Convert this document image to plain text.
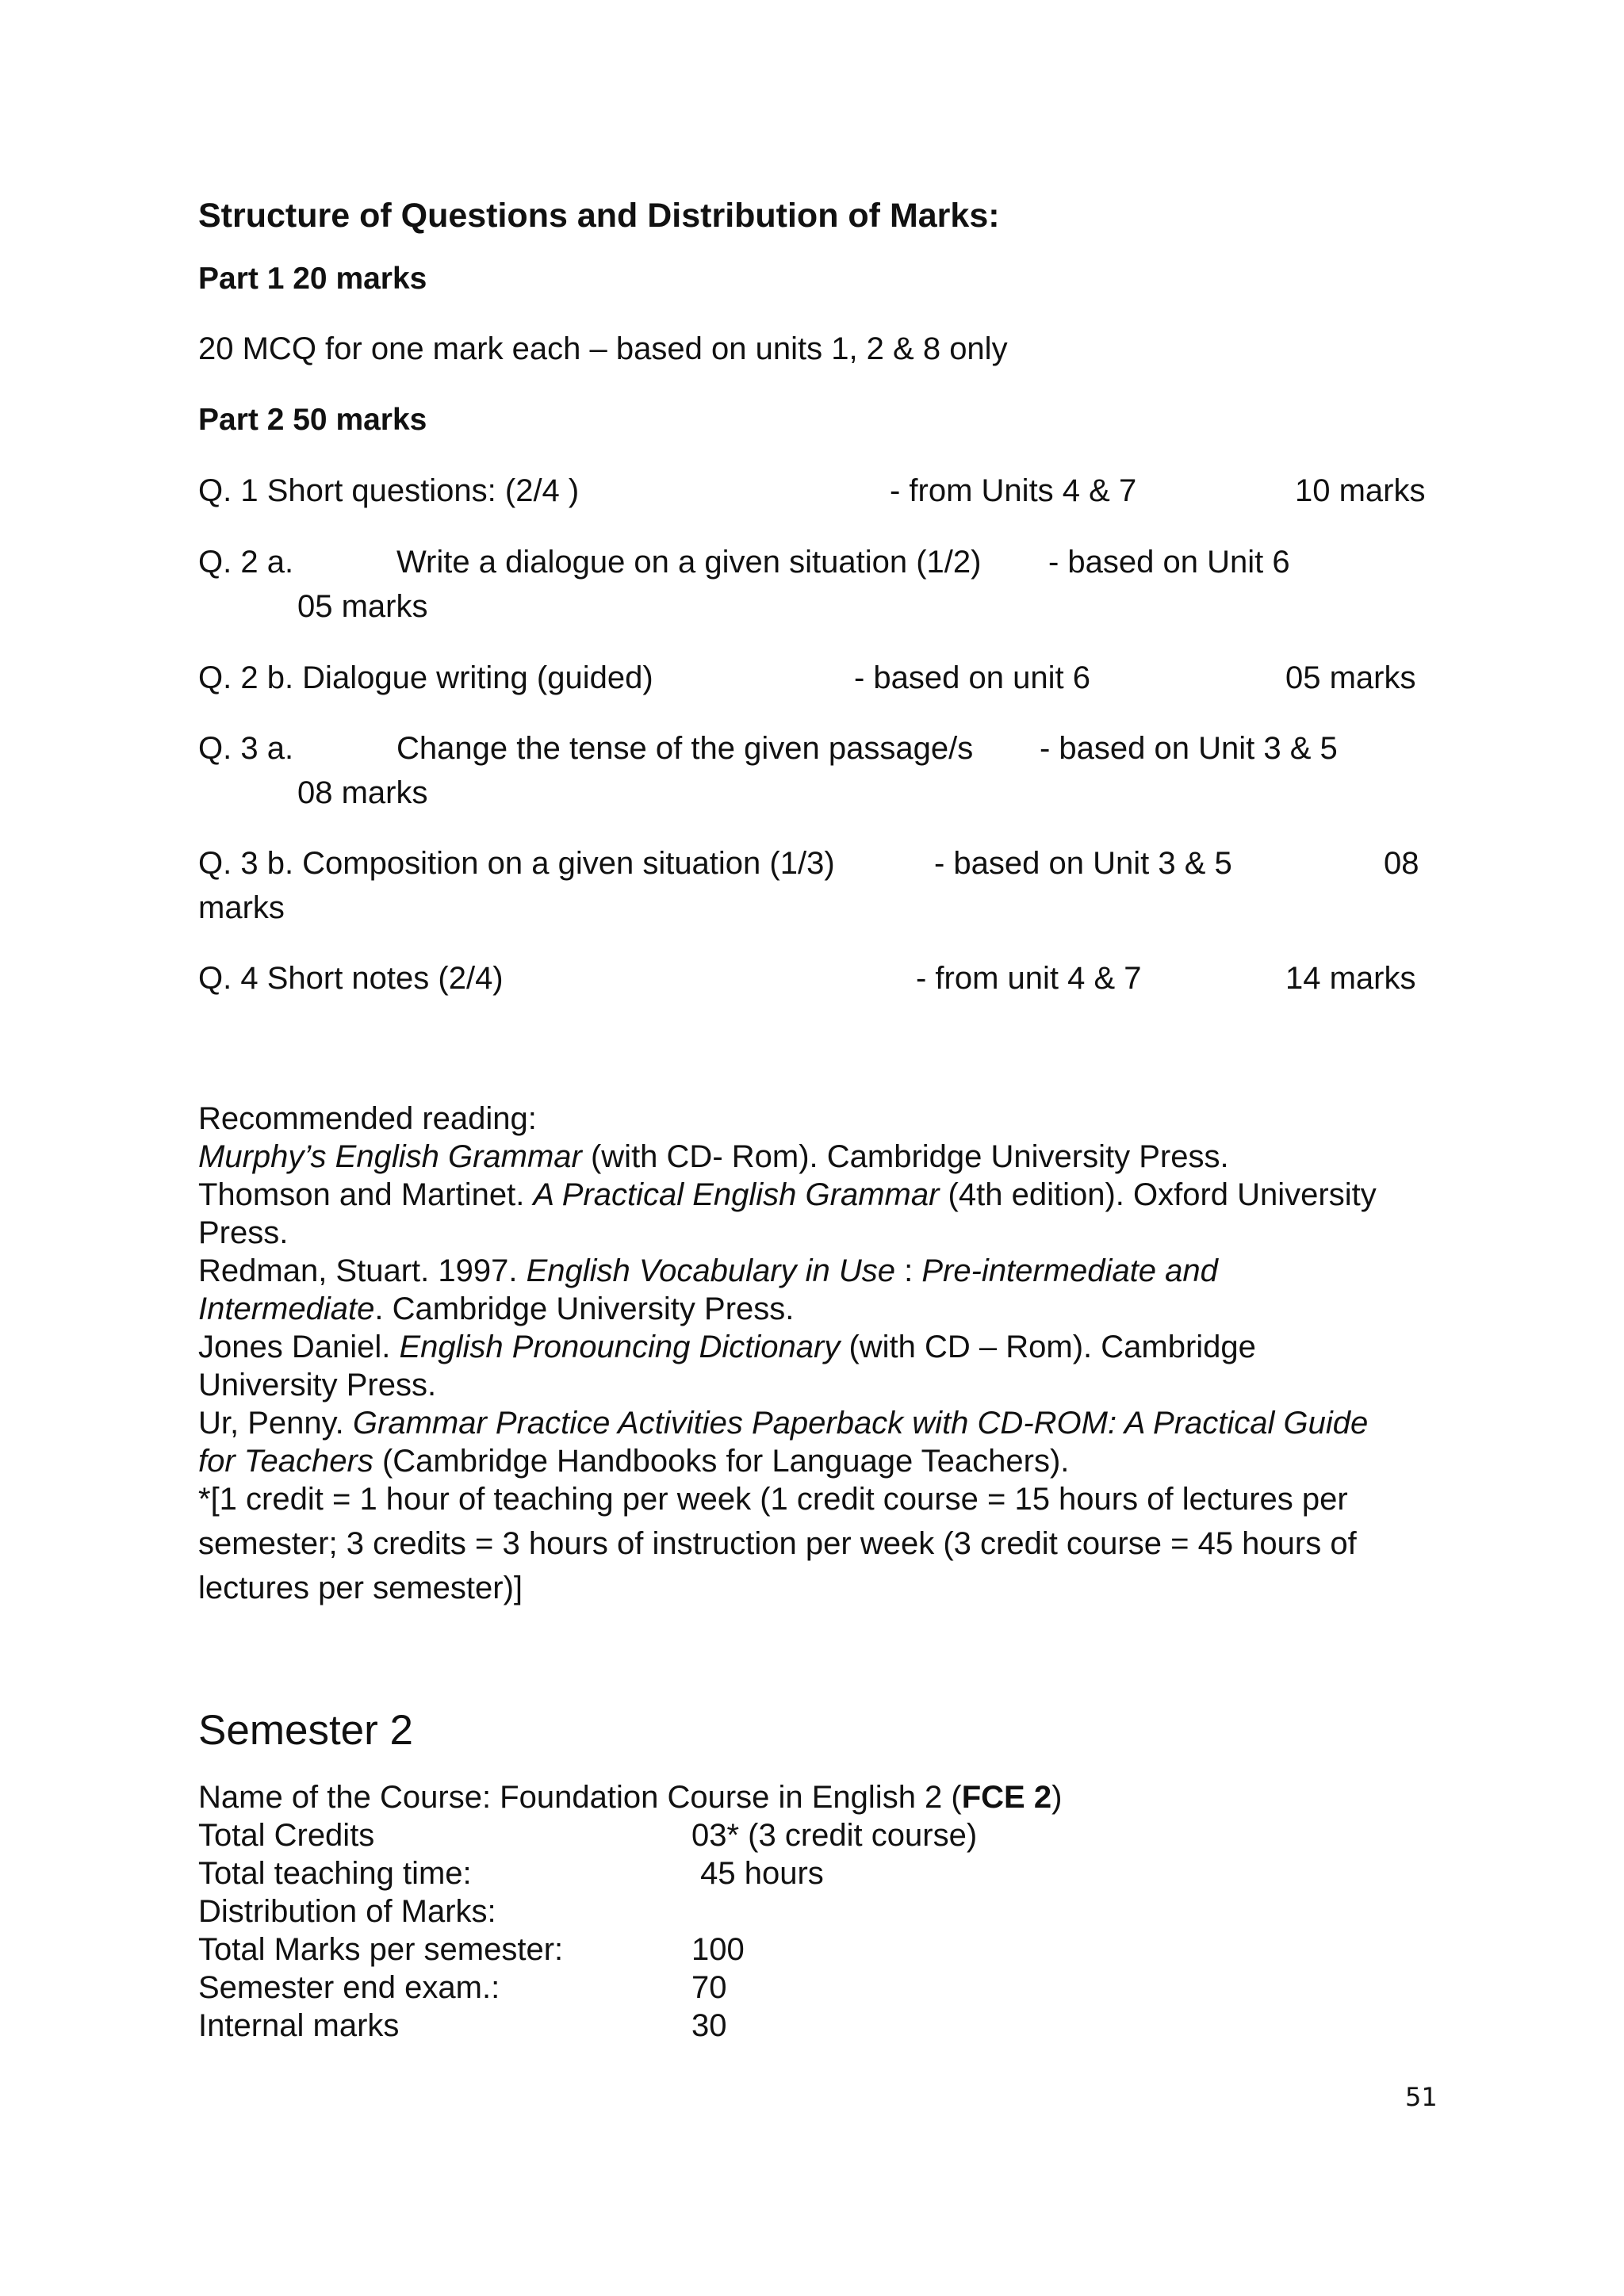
Structure of Questions and Distribution of Marks:
Part 1 20 marks
20 MCQ for one mark each – based on units 1, 2 & 8 only
Part 2 50 marks
Q. 1 Short questions: (2/4 )	- from Units 4 & 7	10 marks
Q. 2 a.	Write a dialogue on a given situation (1/2) - based on Unit 6
05 marks
Q. 2 b. Dialogue writing (guided)	- based on unit 6	05 marks
Q. 3 a.	Change the tense of the given passage/s - based on Unit 3 & 5
08 marks
Q. 3 b. Composition on a given situation (1/3)	- based on Unit 3 & 5	08
marks
Q. 4 Short notes (2/4)	- from unit 4 & 7	14 marks
Recommended reading:
Murphy’s English Grammar (with CD- Rom). Cambridge University Press.
Thomson and Martinet. A Practical English Grammar (4th edition). Oxford University
Press.
Redman, Stuart. 1997. English Vocabulary in Use : Pre-intermediate and
Intermediate. Cambridge University Press.
Jones Daniel. English Pronouncing Dictionary (with CD – Rom). Cambridge
University Press.
Ur, Penny. Grammar Practice Activities Paperback with CD-ROM: A Practical Guide
for Teachers (Cambridge Handbooks for Language Teachers).
*[1 credit = 1 hour of teaching per week (1 credit course = 15 hours of lectures per
semester; 3 credits = 3 hours of instruction per week (3 credit course = 45 hours of
lectures per semester)]
Semester 2
Name of the Course: Foundation Course in English 2 (FCE 2)
Total Credits	03* (3 credit course)
Total teaching time:	45 hours
Distribution of Marks:
Total Marks per semester:	100
Semester end exam.:	70
Internal marks	30
51
